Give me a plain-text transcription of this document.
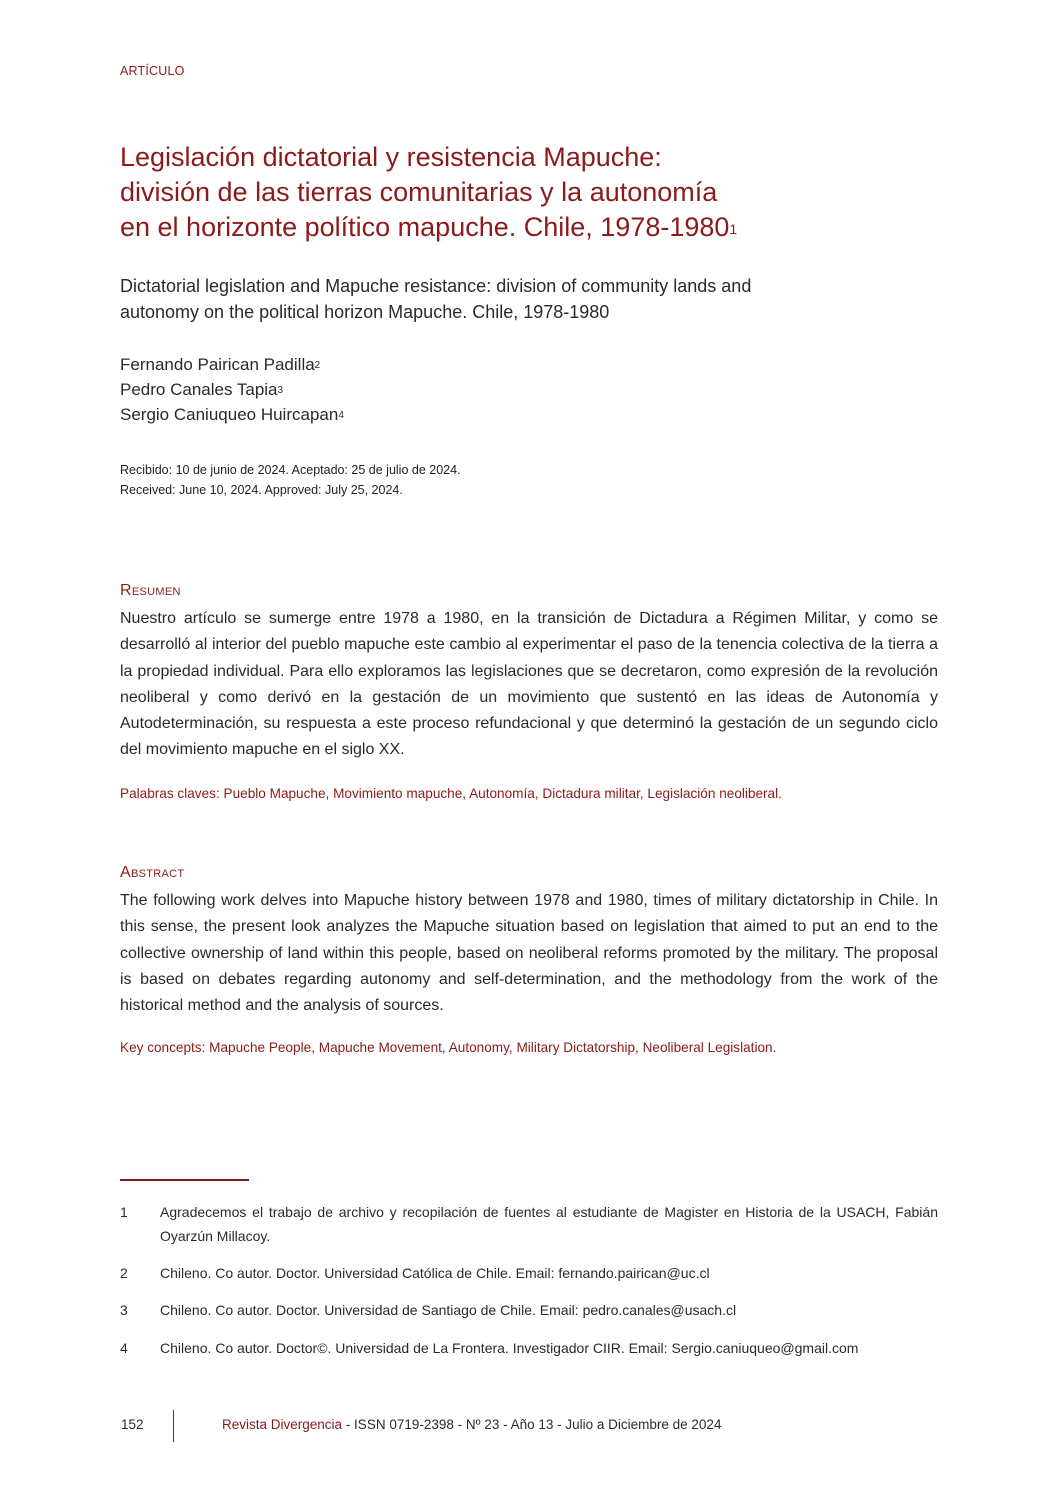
ARTÍCULO
Legislación dictatorial y resistencia Mapuche:
división de las tierras comunitarias y la autonomía
en el horizonte político mapuche. Chile, 1978-1980$^1$
Dictatorial legislation and Mapuche resistance: division of community lands and autonomy on the political horizon Mapuche. Chile, 1978-1980
Fernando Pairican Padilla$^2$
Pedro Canales Tapia$^3$
Sergio Caniuqueo Huircapan$^4$
Recibido: 10 de junio de 2024. Aceptado: 25 de julio de 2024.
Received: June 10, 2024. Approved: July 25, 2024.
Resumen
Nuestro artículo se sumerge entre 1978 a 1980, en la transición de Dictadura a Régimen Militar, y como se desarrolló al interior del pueblo mapuche este cambio al experimentar el paso de la tenencia colectiva de la tierra a la propiedad individual. Para ello exploramos las legislaciones que se decretaron, como expresión de la revolución neoliberal y como derivó en la gestación de un movimiento que sustentó en las ideas de Autonomía y Autodeterminación, su respuesta a este proceso refundacional y que determinó la gestación de un segundo ciclo del movimiento mapuche en el siglo XX.
Palabras claves: Pueblo Mapuche, Movimiento mapuche, Autonomía, Dictadura militar, Legislación neoliberal.
Abstract
The following work delves into Mapuche history between 1978 and 1980, times of military dictatorship in Chile. In this sense, the present look analyzes the Mapuche situation based on legislation that aimed to put an end to the collective ownership of land within this people, based on neoliberal reforms promoted by the military. The proposal is based on debates regarding autonomy and self-determination, and the methodology from the work of the historical method and the analysis of sources.
Key concepts: Mapuche People, Mapuche Movement, Autonomy, Military Dictatorship, Neoliberal Legislation.
1	Agradecemos el trabajo de archivo y recopilación de fuentes al estudiante de Magister en Historia de la USACH, Fabián Oyarzún Millacoy.
2	Chileno. Co autor. Doctor. Universidad Católica de Chile. Email: fernando.pairican@uc.cl
3	Chileno. Co autor. Doctor. Universidad de Santiago de Chile. Email: pedro.canales@usach.cl
4	Chileno. Co autor. Doctor©. Universidad de La Frontera. Investigador CIIR. Email: Sergio.caniuqueo@gmail.com
152	Revista Divergencia - ISSN 0719-2398 - Nº 23 - Año 13 - Julio a Diciembre de 2024
